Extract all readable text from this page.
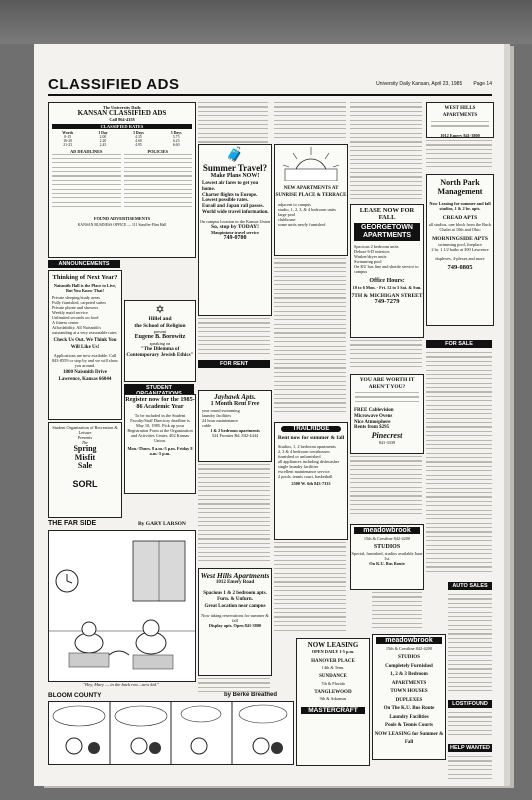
CLASSIFIED ADS	University Daily Kansan, April 23, 1985 Page 14
The University Daily
KANSAN CLASSIFIED ADS
Call 864-4358
CLASSIFIED RATES
Words	1 Day	3 Days	5 Days
0-15	2.00	4.35	5.75
16-20	2.20	4.60	6.25
21-25	2.45	4.95	6.60
AD DEADLINES	POLICIES
FOUND ADVERTISEMENTS
KANSAN BUSINESS OFFICE — 111 Stauffer-Flint Hall
ANNOUNCEMENTS
Thinking of Next Year?
Naismith Hall is the Place to Live, But You Know That!
Private sleeping/study areas
Fully furnished, carpeted suites
Private phone and showers
Weekly maid service
Unlimited seconds on food
A fitness center
Affordability. All Naismith's outstanding at a very reasonable rates
Check Us Out. We Think You Will Like Us!
Applications are now available. Call 843-8559 or stop by and we will show you around.
1800 Naismith Drive
Lawrence, Kansas 66044
✡
Hillel and
the School of Religion
present
Eugene B. Borowitz
speaking on
"The Dilemma of Contemporary Jewish Ethics"
Student Organization of Recreation & Leisure
Presents
The
Spring
Misfit
Sale
SORL
STUDENT
Register now for the 1985-86 Academic Year
To be included in the Student Faculty/Staff Directory deadline is May 10, 1985. Pick up your Registration Form at the Organization and Activities Center, 402 Kansas Union.
Mon.-Thurs. 8 a.m.-5 p.m. Friday 8 a.m.-5 p.m.
THE FAR SIDE	By GARY LARSON
"Hey, Mary — in the back row—new kid."
BLOOM COUNTY	by Berke Breathed
🧳
Summer Travel?
Make Plans NOW!
Lowest air fares to get you home.
Charter flights to Europe. Lowest possible rates.
Eurail and Japan rail passes.
World wide travel information.
On campus location in the Kansas Union
So, stop by TODAY!
Maupintour travel service
749-0700
FOR RENT
Jayhawk Apts.
1 Month Rent Free
year round swimming
laundry facilities
24 hour maintenance
cable
1 & 2 bedroom apartments
524 Frontier Rd. 842-4444
West Hills Apartments
1012 Emery Road
Spacious 1 & 2 bedroom apts.
Furn. & Unfurn.
Great Location near campus
Now taking reservations for summer & fall
Display apts. Open 841-3800
NEW APARTMENTS AT SUNRISE PLACE & TERRACE
adjacent to campus
studio, 1, 2, 3, & 4 bedroom units
large pool
clubhouse
some units newly furnished
TRAILRIDGE
Rent now for summer & fall
Studios, 1, 2 bedroom apartments
2, 3 & 4 bedroom townhouses
furnished or unfurnished
all appliances including dishwasher
single laundry facilities
excellent maintenance service
2 pools, tennis court, basketball
2500 W. 6th 843-7333
NOW LEASING
OPEN DAILY 1-5 p.m.
HANOVER PLACE
14th & Tenn.
SUNDANCE
7th & Florida
TANGLEWOOD
9th & Arkansas
MASTERCRAFT
LEASE NOW FOR FALL
GEORGETOWN APARTMENTS
Spacious 2 bedroom units
Deluxe 6-D interiors
Washer/dryer units
Swimming pool
On KU bus line and shuttle service to campus
Office Hours:
10 to 6 Mon. - Fri. 12 to 5 Sat. & Sun.
7TH & MICHIGAN STREET
749-7279
YOU ARE WORTH IT AREN'T YOU?
FREE Cablevision
Microwave Ovens
Nice Atmosphere
Rents from $295
Pinecrest
841-3339
meadowbrook
15th & Crestline 842-4200
STUDIOS
Special, furnished, studios available June 1st.
On K.U. Bus Route
meadowbrook
15th & Crestline 842-4200
STUDIOS
Completely Furnished
1, 2 & 3 Bedroom APARTMENTS
TOWN HOUSES
DUPLEXES
On The K.U. Bus Route
Laundry Facilities
Pools & Tennis Courts
NOW LEASING for Summer & Fall
WEST HILLS APARTMENTS
1012 Emery 841-3800
North Park Management
Now Leasing for summer and fall studios, 1 & 2 br. apts.
CREAD APTS
all studios, one block from the Buck Chalet at 10th and Ohio
MORNINGSIDE APTS
swimming pool, fireplace
2 br. 1 1/2 baths at 300 Lawrence
duplexes, 4-plexes and more
749-0805
FOR SALE
AUTO SALES
LOST/FOUND
HELP WANTED
